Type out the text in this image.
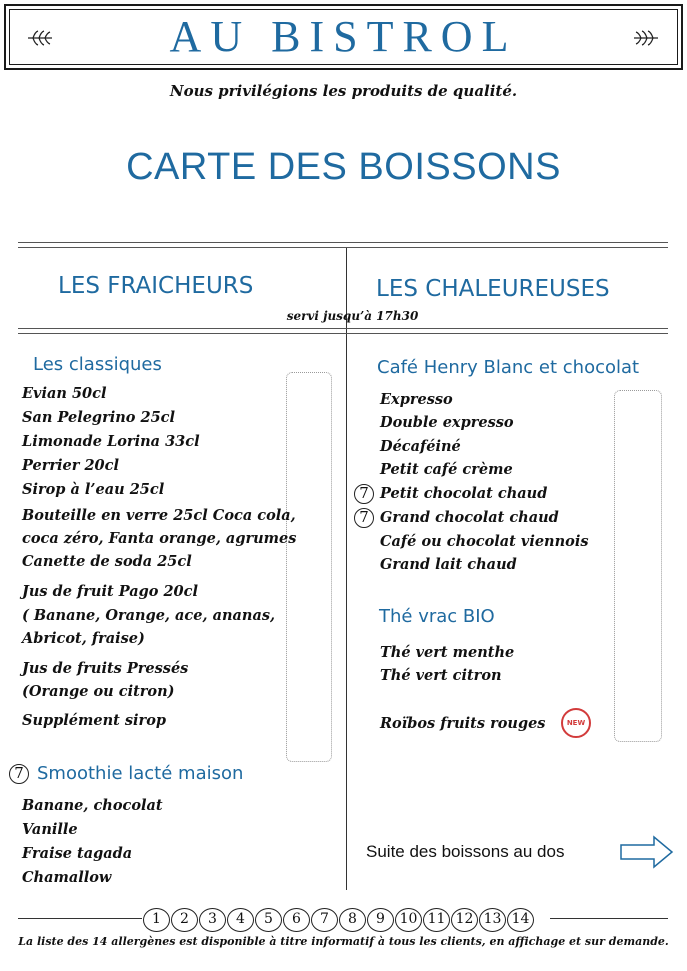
AU BISTROL
Nous privilégions les produits de qualité.
CARTE DES BOISSONS
LES FRAICHEURS	LES CHALEUREUSES
servi jusqu’à 17h30
Les classiques
Evian 50cl
San Pelegrino 25cl
Limonade Lorina 33cl
Perrier 20cl
Sirop à l’eau 25cl
Bouteille en verre 25cl Coca cola,
coca zéro, Fanta orange, agrumes
Canette de soda 25cl
Jus de fruit Pago 20cl
( Banane, Orange, ace, ananas,
Abricot, fraise)
Jus de fruits Pressés
(Orange ou citron)
Supplément sirop
7 Smoothie lacté maison
Banane, chocolat
Vanille
Fraise tagada
Chamallow
Café Henry Blanc et chocolat
Expresso
Double expresso
Décaféiné
Petit café crème
7 Petit chocolat chaud
7 Grand chocolat chaud
Café ou chocolat viennois
Grand lait chaud
Thé vrac BIO
Thé vert menthe
Thé vert citron
Roïbos fruits rouges	NEW
Suite des boissons au dos
1	2	3	4	5	6	7	8	9	10 11 12 13 14
La liste des 14 allergènes est disponible à titre informatif à tous les clients, en affichage et sur demande.
